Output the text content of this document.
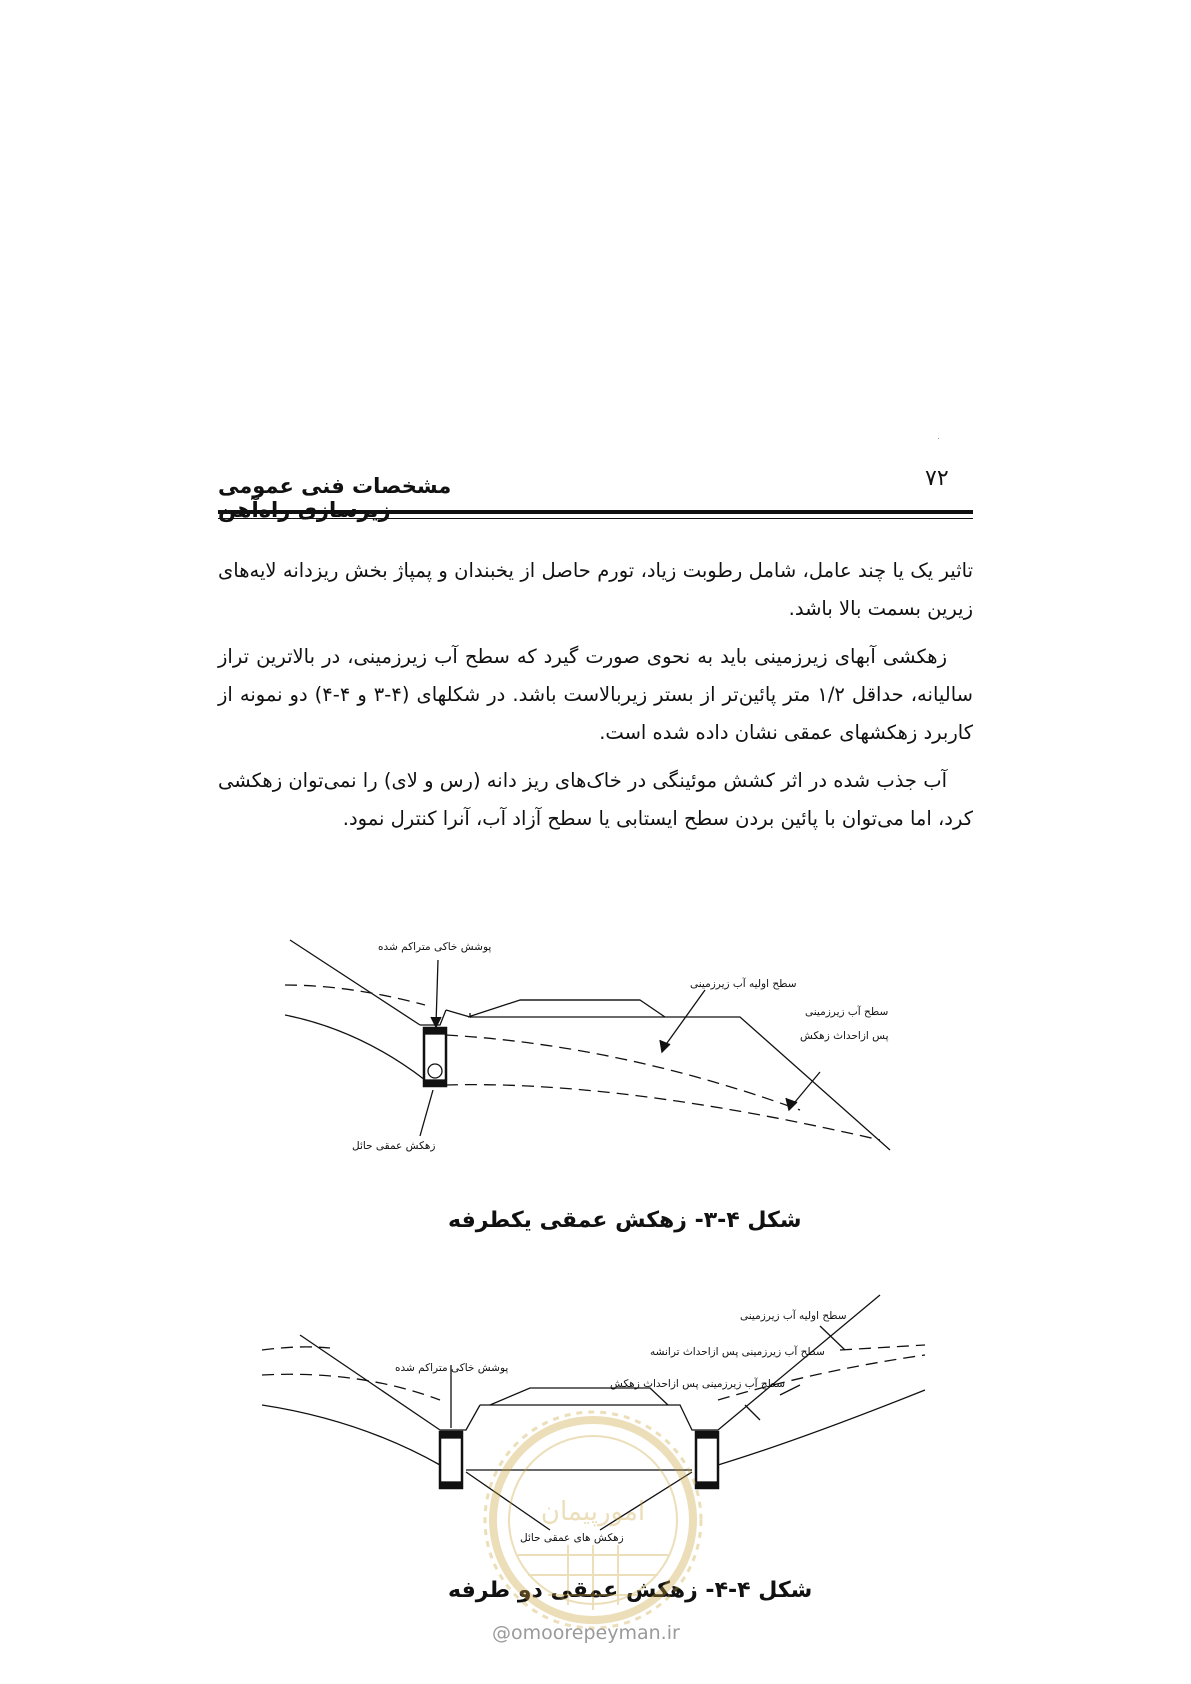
۷۲
مشخصات فنی عمومی

تاثیر یک یا چند عامل، شامل رطوبت زیاد، تورم حاصل از یخبندان و پمپاژ بخش ریزدانه لایه‌های زیرین بسمت بالا باشد.

زهکشی آبهای زیرزمینی باید به نحوی صورت گیرد که سطح آب زیرزمینی، در بالاترین تراز سالیانه، حداقل ۱/۲ متر پائین‌تر از بستر زیربالاست باشد. در شکلهای (۴-۳ و ۴-۴) دو نمونه از کاربرد زهکشهای عمقی نشان داده شده است.

آب جذب شده در اثر کشش موئینگی در خاک‌های ریز دانه (رس و لای) را نمی‌توان زهکشی کرد، اما می‌توان با پائین بردن سطح ایستابی یا سطح آزاد آب، آنرا کنترل نمود.

پوشش خاکی متراکم شده
سطح اولیه آب زیرزمینی
سطح آب زیرزمینی
پس ازاحداث زهکش
زهکش عمقی حائل
شکل ۴-۳- زهکش عمقی یکطرفه
سطح اولیه آب زیرزمینی
سطح آب زیرزمینی پس ازاحداث ترانشه
سطح آب زیرزمینی پس ازاحداث زهکش
پوشش خاکی متراکم شده
زهکش های عمقی حائل
شکل ۴-۴- زهکش عمقی دو طرفه
امورپیمان
@omoorepeyman.ir
